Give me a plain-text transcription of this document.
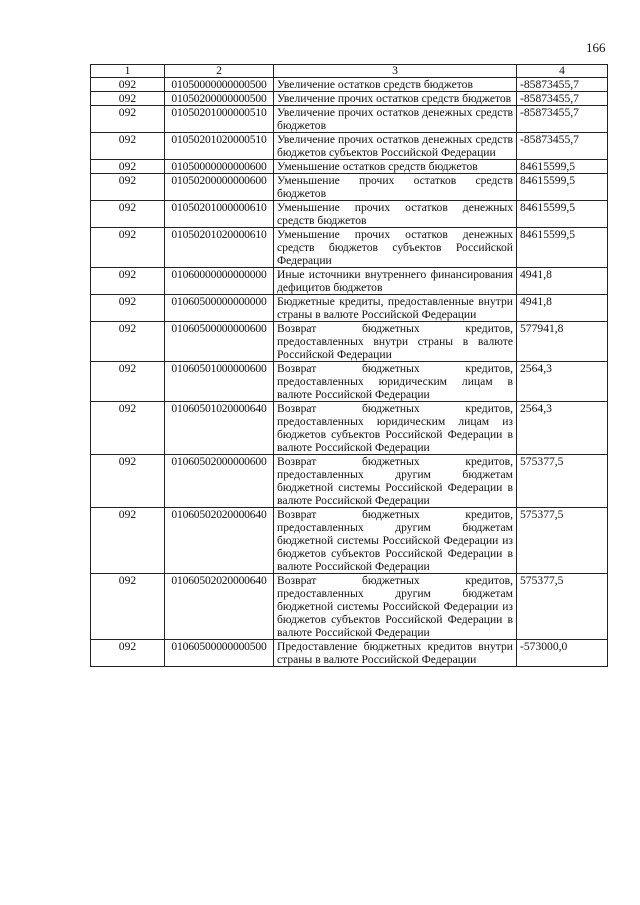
166
1	2	3	4
092	01050000000000500	Увеличение остатков средств бюджетов	-85873455,7
092	01050200000000500	Увеличение прочих остатков средств бюджетов	-85873455,7
092	01050201000000510	Увеличение прочих остатков денежных средств бюджетов	-85873455,7
092	01050201020000510	Увеличение прочих остатков денежных средств бюджетов субъектов Российской Федерации	-85873455,7
092	01050000000000600	Уменьшение остатков средств бюджетов	84615599,5
092	01050200000000600	Уменьшение прочих остатков средств бюджетов	84615599,5
092	01050201000000610	Уменьшение прочих остатков денежных средств бюджетов	84615599,5
092	01050201020000610	Уменьшение прочих остатков денежных средств бюджетов субъектов Российской Федерации	84615599,5
092	01060000000000000	Иные источники внутреннего финансирования дефицитов бюджетов	4941,8
092	01060500000000000	Бюджетные кредиты, предоставленные внутри страны в валюте Российской Федерации	4941,8
092	01060500000000600	Возврат бюджетных кредитов, предоставленных внутри страны в валюте Российской Федерации	577941,8
092	01060501000000600	Возврат бюджетных кредитов, предоставленных юридическим лицам в валюте Российской Федерации	2564,3
092	01060501020000640	Возврат бюджетных кредитов, предоставленных юридическим лицам из бюджетов субъектов Российской Федерации в валюте Российской Федерации	2564,3
092	01060502000000600	Возврат бюджетных кредитов, предоставленных другим бюджетам бюджетной системы Российской Федерации в валюте Российской Федерации	575377,5
092	01060502020000640	Возврат бюджетных кредитов, предоставленных другим бюджетам бюджетной системы Российской Федерации из бюджетов субъектов Российской Федерации в валюте Российской Федерации	575377,5
092	01060502020000640	Возврат бюджетных кредитов, предоставленных другим бюджетам бюджетной системы Российской Федерации из бюджетов субъектов Российской Федерации в валюте Российской Федерации	575377,5
092	01060500000000500	Предоставление бюджетных кредитов внутри страны в валюте Российской Федерации	-573000,0
